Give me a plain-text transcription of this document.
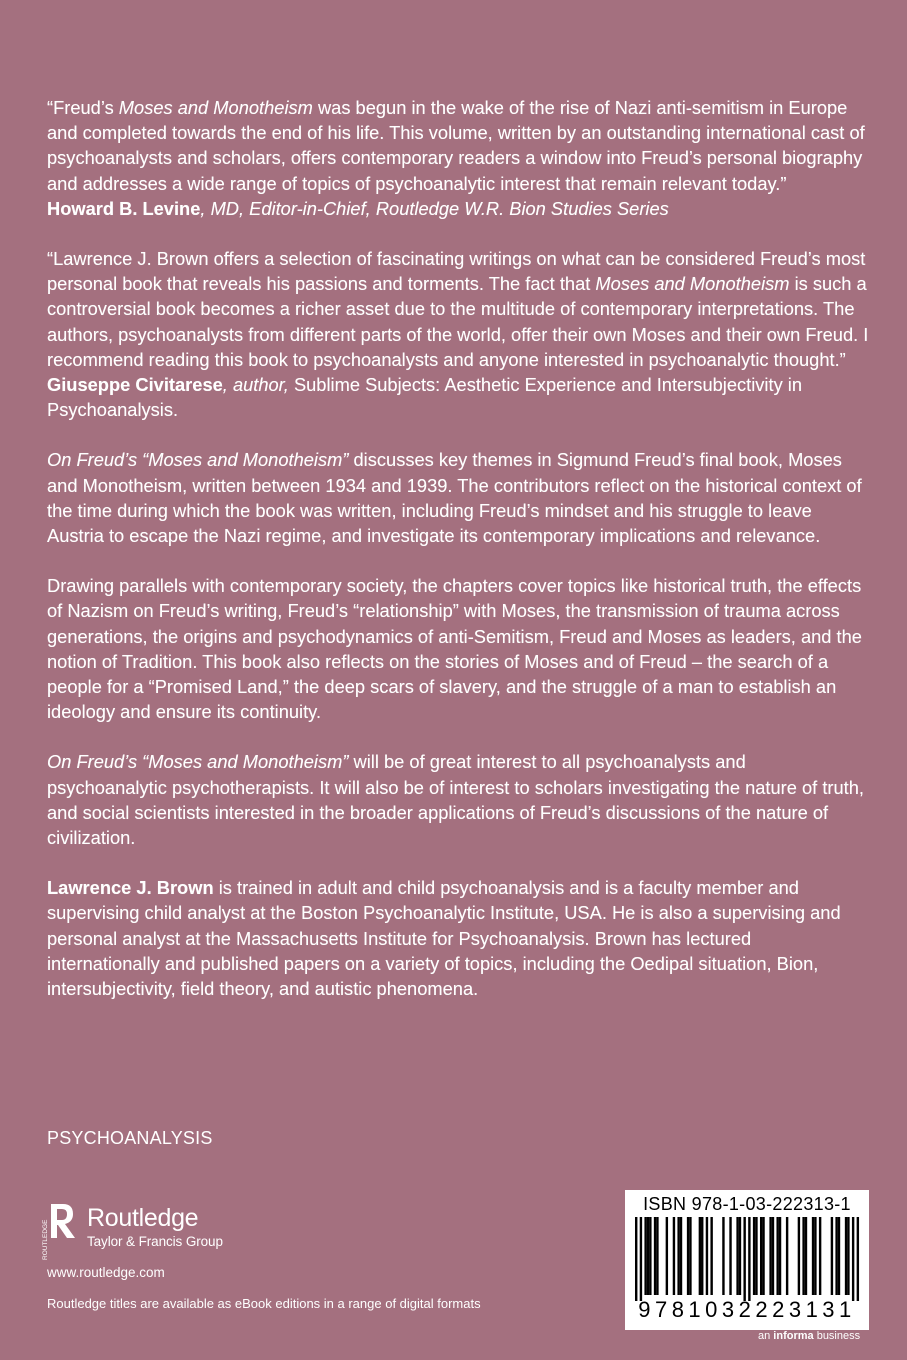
“Freud’s Moses and Monotheism was begun in the wake of the rise of Nazi anti-semitism in Europe and completed towards the end of his life. This volume, written by an outstanding international cast of psychoanalysts and scholars, offers contemporary readers a window into Freud’s personal biography and addresses a wide range of topics of psychoanalytic interest that remain relevant today.”

Howard B. Levine, MD, Editor-in-Chief, Routledge W.R. Bion Studies Series

“Lawrence J. Brown offers a selection of fascinating writings on what can be considered Freud’s most personal book that reveals his passions and torments. The fact that Moses and Monotheism is such a controversial book becomes a richer asset due to the multitude of contemporary interpretations. The authors, psychoanalysts from different parts of the world, offer their own Moses and their own Freud. I recommend reading this book to psychoanalysts and anyone interested in psychoanalytic thought.”

Giuseppe Civitarese, author, Sublime Subjects: Aesthetic Experience and Intersubjectivity in Psychoanalysis.

On Freud’s “Moses and Monotheism” discusses key themes in Sigmund Freud’s final book, Moses and Monotheism, written between 1934 and 1939. The contributors reflect on the historical context of the time during which the book was written, including Freud’s mindset and his struggle to leave Austria to escape the Nazi regime, and investigate its contemporary implications and relevance.

Drawing parallels with contemporary society, the chapters cover topics like historical truth, the effects of Nazism on Freud’s writing, Freud’s “relationship” with Moses, the transmission of trauma across generations, the origins and psychodynamics of anti-Semitism, Freud and Moses as leaders, and the notion of Tradition. This book also reflects on the stories of Moses and of Freud – the search of a people for a “Promised Land,” the deep scars of slavery, and the struggle of a man to establish an ideology and ensure its continuity.

On Freud’s “Moses and Monotheism” will be of great interest to all psychoanalysts and psychoanalytic psychotherapists. It will also be of interest to scholars investigating the nature of truth, and social scientists interested in the broader applications of Freud’s discussions of the nature of civilization.

Lawrence J. Brown is trained in adult and child psychoanalysis and is a faculty member and supervising child analyst at the Boston Psychoanalytic Institute, USA. He is also a supervising and personal analyst at the Massachusetts Institute for Psychoanalysis. Brown has lectured internationally and published papers on a variety of topics, including the Oedipal situation, Bion, intersubjectivity, field theory, and autistic phenomena.

PSYCHOANALYSIS
ROUTLEDGE
Routledge
Taylor & Francis Group
www.routledge.com
Routledge titles are available as eBook editions in a range of digital formats
ISBN 978-1-03-222313-1
9781032223131
an informa business
